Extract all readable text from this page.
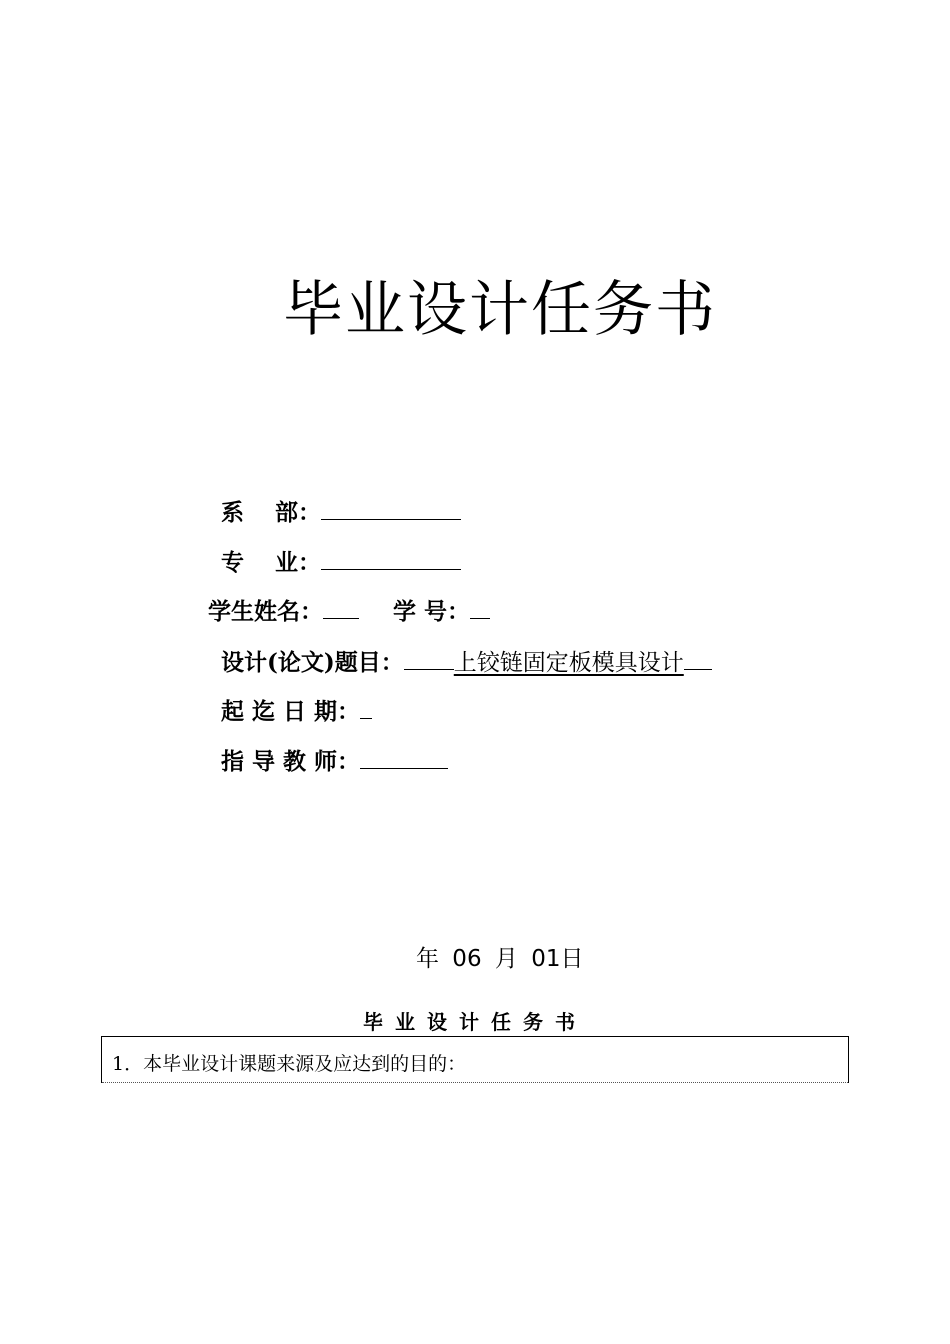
毕业设计任务书
系　 部：
专　 业：
学生姓名：	学 号：
设计(论文)题目： 上铰链固定板模具设计
起 迄 日 期：
指 导 教 师：
年 06 月 01日
毕业设计任务书
1．本毕业设计课题来源及应达到的目的：
